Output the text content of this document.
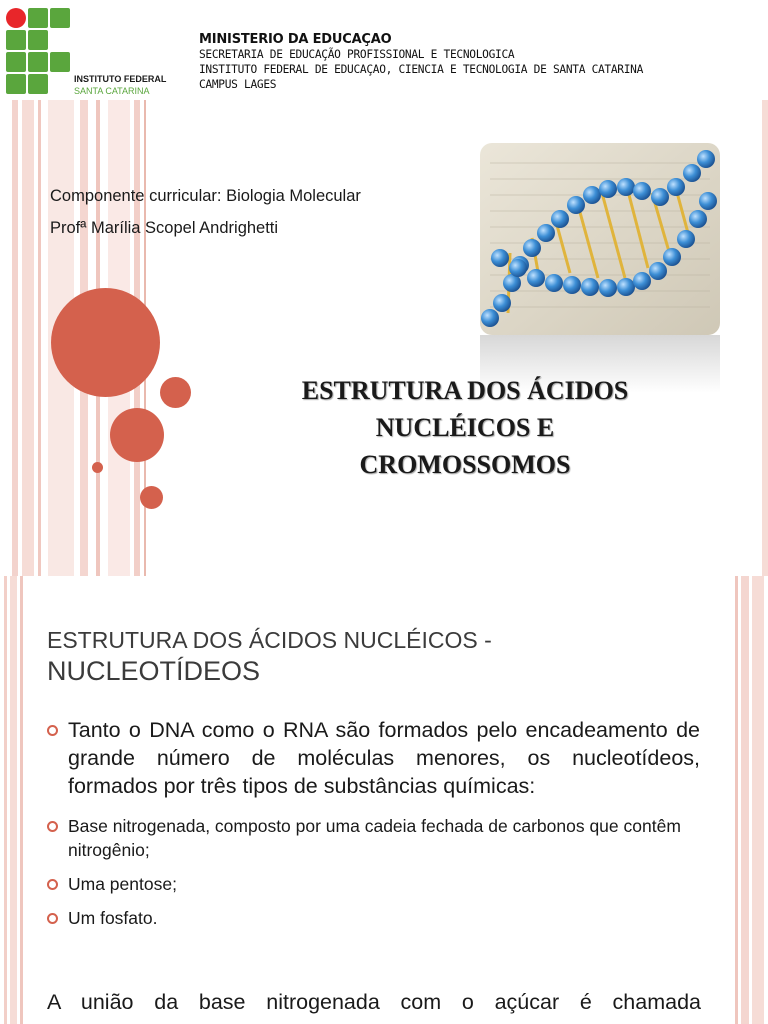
INSTITUTO FEDERAL
SANTA CATARINA
MINISTERIO DA EDUCAÇAO
SECRETARIA DE EDUCAÇÃO PROFISSIONAL E TECNOLOGICA
INSTITUTO FEDERAL DE EDUCAÇAO, CIENCIA E TECNOLOGIA DE SANTA CATARINA
CAMPUS LAGES
Componente curricular: Biologia Molecular
Profª Marília Scopel Andrighetti
ESTRUTURA DOS ÁCIDOS
NUCLÉICOS E
CROMOSSOMOS
ESTRUTURA DOS ÁCIDOS NUCLÉICOS -
NUCLEOTÍDEOS
Tanto o DNA como o RNA são formados pelo encadeamento de grande número de moléculas menores, os nucleotídeos, formados por três tipos de substâncias químicas:
Base nitrogenada, composto por uma cadeia fechada de carbonos que contêm nitrogênio;
Uma pentose;
Um fosfato.
A união da base nitrogenada com o açúcar é chamada
